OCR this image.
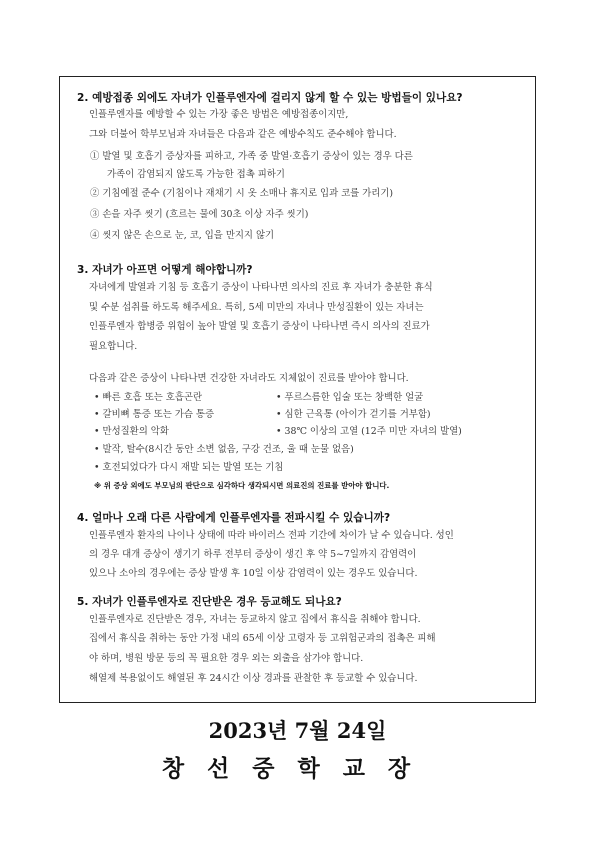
2. 예방접종 외에도 자녀가 인플루엔자에 걸리지 않게 할 수 있는 방법들이 있나요?
인플루엔자를 예방할 수 있는 가장 좋은 방법은 예방접종이지만,
그와 더불어 학부모님과 자녀들은 다음과 같은 예방수칙도 준수해야 합니다.
① 발열 및 호흡기 증상자를 피하고, 가족 중 발열·호흡기 증상이 있는 경우 다른
가족이 감염되지 않도록 가능한 접촉 피하기
② 기침예절 준수 (기침이나 재채기 시 옷 소매나 휴지로 입과 코를 가리기)
③ 손을 자주 씻기 (흐르는 물에 30초 이상 자주 씻기)
④ 씻지 않은 손으로 눈, 코, 입을 만지지 않기
3. 자녀가 아프면 어떻게 해야합니까?
자녀에게 발열과 기침 등 호흡기 증상이 나타나면 의사의 진료 후 자녀가 충분한 휴식
및 수분 섭취를 하도록 해주세요. 특히, 5세 미만의 자녀나 만성질환이 있는 자녀는
인플루엔자 합병증 위험이 높아 발열 및 호흡기 증상이 나타나면 즉시 의사의 진료가
필요합니다.
다음과 같은 증상이 나타나면 건강한 자녀라도 지체없이 진료를 받아야 합니다.
• 빠른 호흡 또는 호흡곤란	• 푸르스름한 입술 또는 창백한 얼굴
• 갈비뼈 통증 또는 가슴 통증	• 심한 근육통 (아이가 걷기를 거부함)
• 만성질환의 악화	• 38℃ 이상의 고열 (12주 미만 자녀의 발열)
• 발작, 탈수(8시간 동안 소변 없음, 구강 건조, 울 때 눈물 없음)
• 호전되었다가 다시 재발 되는 발열 또는 기침
※ 위 증상 외에도 부모님의 판단으로 심각하다 생각되시면 의료진의 진료를 받아야 합니다.
4. 얼마나 오래 다른 사람에게 인플루엔자를 전파시킬 수 있습니까?
인플루엔자 환자의 나이나 상태에 따라 바이러스 전파 기간에 차이가 날 수 있습니다. 성인
의 경우 대개 증상이 생기기 하루 전부터 증상이 생긴 후 약 5~7일까지 감염력이
있으나 소아의 경우에는 증상 발생 후 10일 이상 감염력이 있는 경우도 있습니다.
5. 자녀가 인플루엔자로 진단받은 경우 등교해도 되나요?
인플루엔자로 진단받은 경우, 자녀는 등교하지 않고 집에서 휴식을 취해야 합니다.
집에서 휴식을 취하는 동안 가정 내의 65세 이상 고령자 등 고위험군과의 접촉은 피해
야 하며, 병원 방문 등의 꼭 필요한 경우 외는 외출을 삼가야 합니다.
해열제 복용없이도 해열된 후 24시간 이상 경과를 관찰한 후 등교할 수 있습니다.
2023년 7월 24일
창선중학교장
